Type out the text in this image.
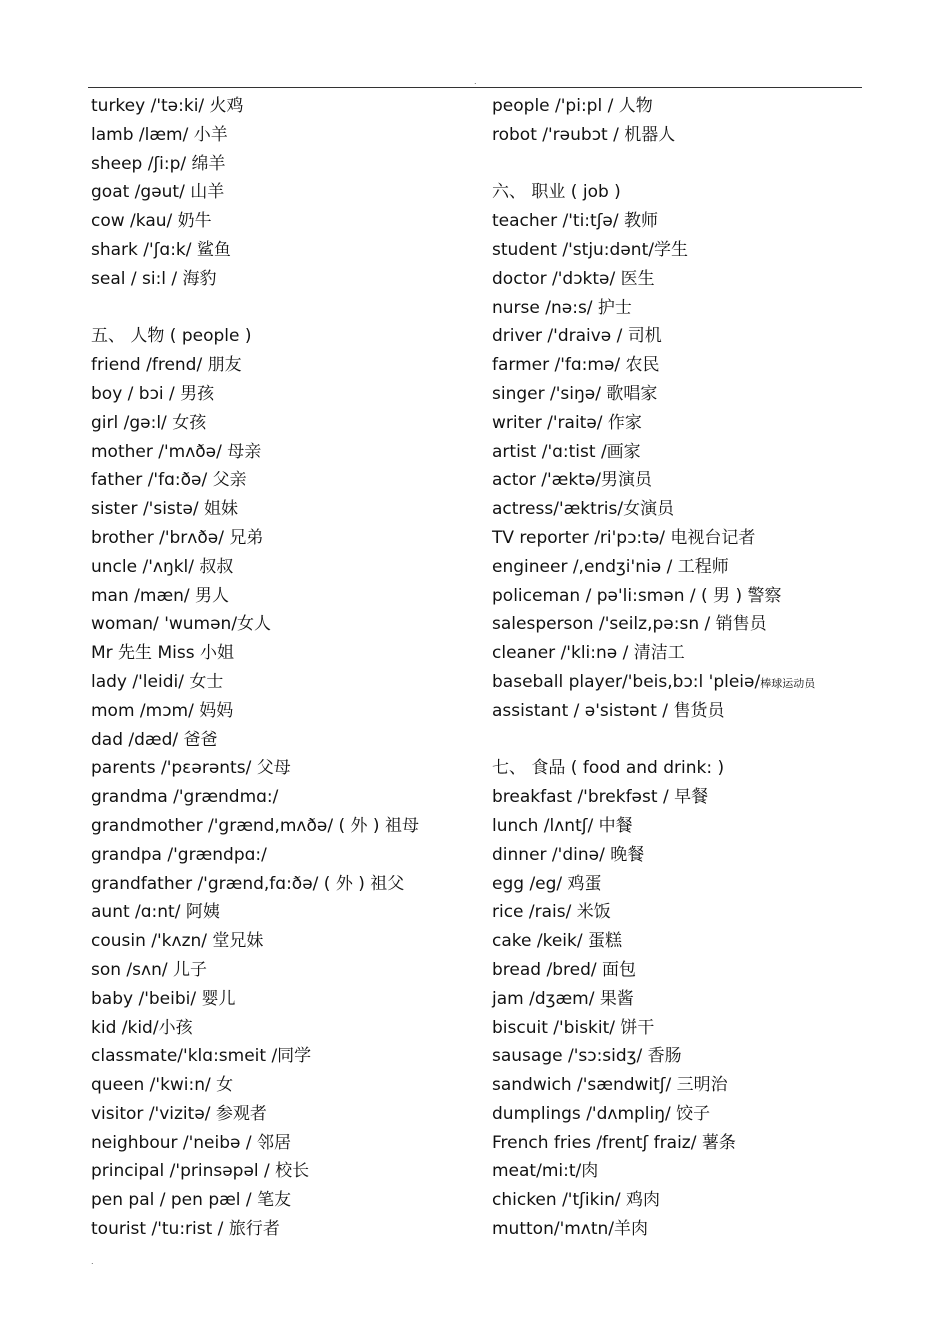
.
turkey /'tə:ki/ 火鸡
lamb /læm/ 小羊
sheep /ʃi:p/ 绵羊
goat /gəut/ 山羊
cow /kau/ 奶牛
shark /'ʃɑ:k/ 鲨鱼
seal / si:l / 海豹
五、 人物 ( people )
friend /frend/ 朋友
boy / bɔi / 男孩
girl /gə:l/ 女孩
mother /'mʌðə/ 母亲
father /'fɑ:ðə/ 父亲
sister /'sistə/ 姐妹
brother /'brʌðə/ 兄弟
uncle /'ʌŋkl/ 叔叔
man /mæn/ 男人
woman/ 'wumən/女人
Mr 先生 Miss 小姐
lady /'leidi/ 女士
mom /mɔm/ 妈妈
dad /dæd/ 爸爸
parents /'pɛərənts/ 父母
grandma /'grændmɑ:/
grandmother /'grænd,mʌðə/ ( 外 ) 祖母
grandpa /'grændpɑ:/
grandfather /'grænd,fɑ:ðə/ ( 外 ) 祖父
aunt /ɑ:nt/ 阿姨
cousin /'kʌzn/ 堂兄妹
son /sʌn/ 儿子
baby /'beibi/ 婴儿
kid /kid/小孩
classmate/'klɑ:smeit /同学
queen /'kwi:n/ 女
visitor /'vizitə/ 参观者
neighbour /'neibə / 邻居
principal /'prinsəpəl / 校长
pen pal / pen pæl / 笔友
tourist /'tu:rist / 旅行者
people /'pi:pl / 人物
robot /'rəubɔt / 机器人
六、 职业 ( job )
teacher /'ti:tʃə/ 教师
student /'stju:dənt/学生
doctor /'dɔktə/ 医生
nurse /nə:s/ 护士
driver /'draivə / 司机
farmer /'fɑ:mə/ 农民
singer /'siŋə/ 歌唱家
writer /'raitə/ 作家
artist /'ɑ:tist /画家
actor /'æktə/男演员
actress/'æktris/女演员
TV reporter /ri'pɔ:tə/ 电视台记者
engineer /,endʒi'niə / 工程师
policeman / pə'li:smən / ( 男 ) 警察
salesperson /'seilz,pə:sn / 销售员
cleaner /'kli:nə / 清洁工
baseball player/'beis,bɔ:l 'pleiə/棒球运动员
assistant / ə'sistənt / 售货员
七、 食品 ( food and drink: )
breakfast /'brekfəst / 早餐
lunch /lʌntʃ/ 中餐
dinner /'dinə/ 晚餐
egg /eg/ 鸡蛋
rice /rais/ 米饭
cake /keik/ 蛋糕
bread /bred/ 面包
jam /dʒæm/ 果酱
biscuit /'biskit/ 饼干
sausage /'sɔ:sidʒ/ 香肠
sandwich /'sændwitʃ/ 三明治
dumplings /'dʌmpliŋ/ 饺子
French fries /frentʃ fraiz/ 薯条
meat/mi:t/肉
chicken /'tʃikin/ 鸡肉
mutton/'mʌtn/羊肉
.
